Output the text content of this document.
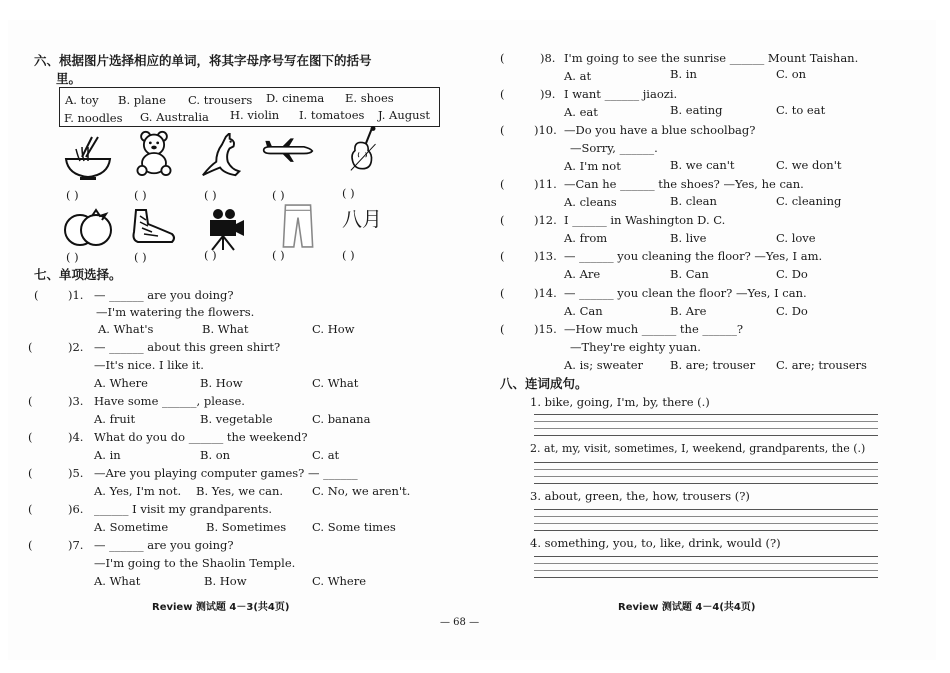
六、根据图片选择相应的单词，将其字母序号写在图下的括号
里。
A. toy B. plane C. trousers D. cinema E. shoes
F. noodles G. Australia H. violin I. tomatoes J. August
( )	( )	( )	( )	( )
八月
( )	( )	( )	( )	( )
七、单项选择。
(	)1. — ______ are you doing?
—I'm watering the flowers.
A. What's	B. What	C. How
(	)2. — ______ about this green shirt?
—It's nice. I like it.
A. Where	B. How	C. What
(	)3. Have some ______, please.
A. fruit	B. vegetable	C. banana
(	)4. What do you do ______ the weekend?
A. in	B. on	C. at
(	)5. —Are you playing computer games? — ______
A. Yes, I'm not. B. Yes, we can.	C. No, we aren't.
(	)6. ______ I visit my grandparents.
A. Sometime	B. Sometimes C. Some times
(	)7. — ______ are you going?
—I'm going to the Shaolin Temple.
A. What	B. How	C. Where
Review 测试题 4－3(共4页)
— 68 —
(	)8. I'm going to see the sunrise ______ Mount Taishan.
A. at	B. in	C. on
(	)9. I want ______ jiaozi.
A. eat	B. eating	C. to eat
(	)10. —Do you have a blue schoolbag?
—Sorry, ______.
A. I'm not	B. we can't	C. we don't
(	)11. —Can he ______ the shoes? —Yes, he can.
A. cleans	B. clean	C. cleaning
(	)12. I ______ in Washington D. C.
A. from	B. live	C. love
(	)13. — ______ you cleaning the floor? —Yes, I am.
A. Are	B. Can	C. Do
(	)14. — ______ you clean the floor? —Yes, I can.
A. Can	B. Are	C. Do
(	)15. —How much ______ the ______?
—They're eighty yuan.
A. is; sweater B. are; trouser C. are; trousers
八、连词成句。
1. bike, going, I'm, by, there (.)
2. at, my, visit, sometimes, I, weekend, grandparents, the (.)
3. about, green, the, how, trousers (?)
4. something, you, to, like, drink, would (?)
Review 测试题 4－4(共4页)
